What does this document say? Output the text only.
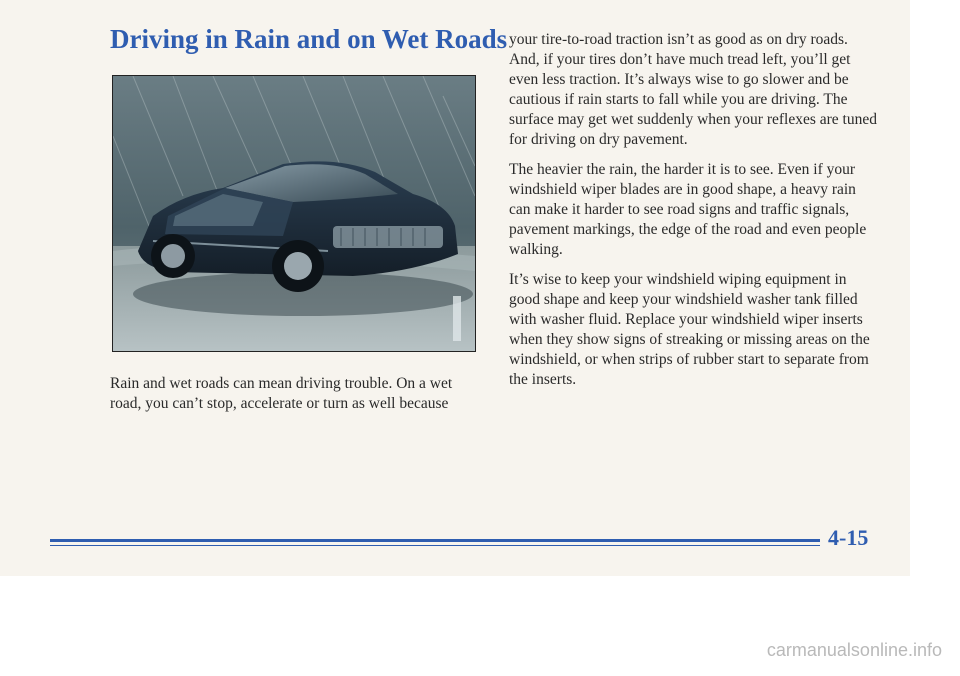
Driving in Rain and on Wet Roads

Rain and wet roads can mean driving trouble. On a wet road, you can’t stop, accelerate or turn as well because

your tire-to-road traction isn’t as good as on dry roads. And, if your tires don’t have much tread left, you’ll get even less traction. It’s always wise to go slower and be cautious if rain starts to fall while you are driving. The surface may get wet suddenly when your reflexes are tuned for driving on dry pavement.

The heavier the rain, the harder it is to see. Even if your windshield wiper blades are in good shape, a heavy rain can make it harder to see road signs and traffic signals, pavement markings, the edge of the road and even people walking.

It’s wise to keep your windshield wiping equipment in good shape and keep your windshield washer tank filled with washer fluid. Replace your windshield wiper inserts when they show signs of streaking or missing areas on the windshield, or when strips of rubber start to separate from the inserts.

4-15

carmanualsonline.info
